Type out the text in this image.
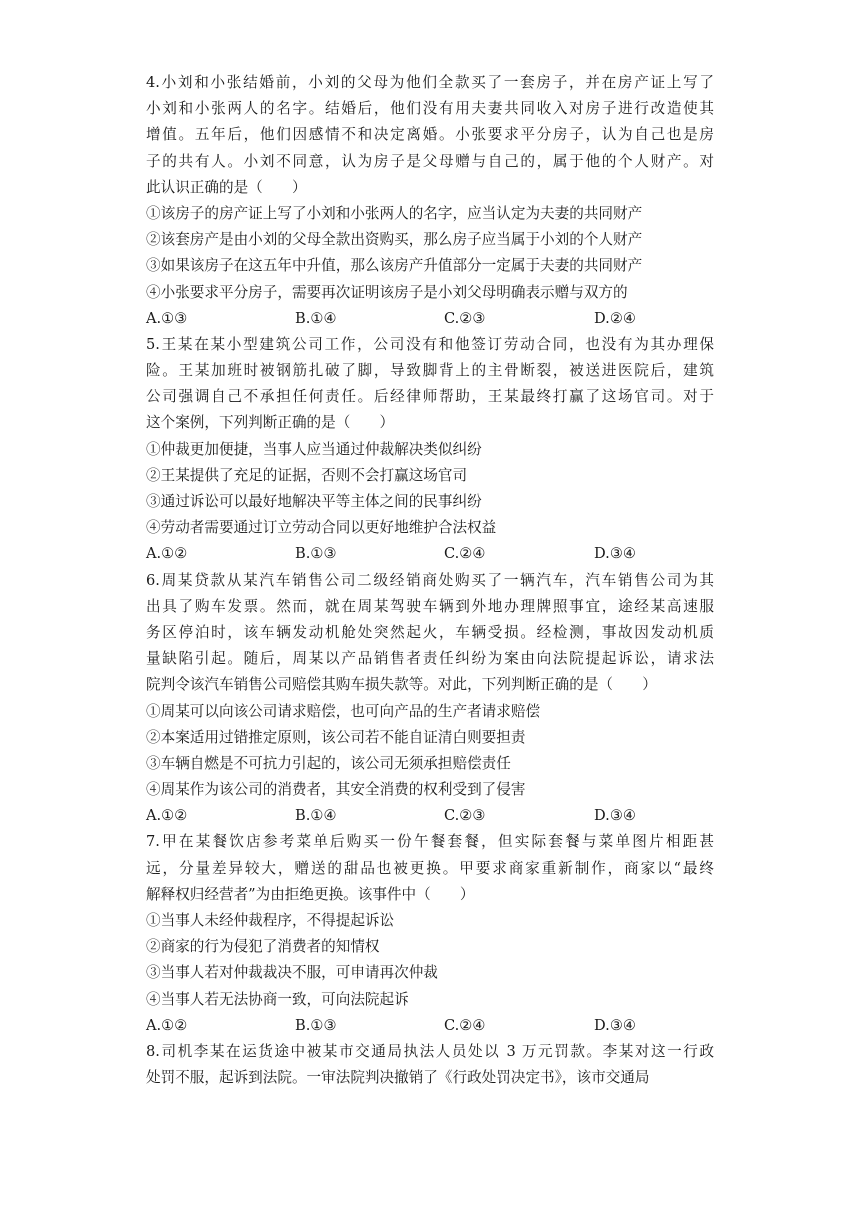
4.小刘和小张结婚前，小刘的父母为他们全款买了一套房子，并在房产证上写了
小刘和小张两人的名字。结婚后，他们没有用夫妻共同收入对房子进行改造使其
增值。五年后，他们因感情不和决定离婚。小张要求平分房子，认为自己也是房
子的共有人。小刘不同意，认为房子是父母赠与自己的，属于他的个人财产。对
此认识正确的是（　　）
①该房子的房产证上写了小刘和小张两人的名字，应当认定为夫妻的共同财产
②该套房产是由小刘的父母全款出资购买，那么房子应当属于小刘的个人财产
③如果该房子在这五年中升值，那么该房产升值部分一定属于夫妻的共同财产
④小张要求平分房子，需要再次证明该房子是小刘父母明确表示赠与双方的
A.①③	B.①④	C.②③	D.②④
5.王某在某小型建筑公司工作，公司没有和他签订劳动合同，也没有为其办理保
险。王某加班时被钢筋扎破了脚，导致脚背上的主骨断裂，被送进医院后，建筑
公司强调自己不承担任何责任。后经律师帮助，王某最终打赢了这场官司。对于
这个案例，下列判断正确的是（　　）
①仲裁更加便捷，当事人应当通过仲裁解决类似纠纷
②王某提供了充足的证据，否则不会打赢这场官司
③通过诉讼可以最好地解决平等主体之间的民事纠纷
④劳动者需要通过订立劳动合同以更好地维护合法权益
A.①②	B.①③	C.②④	D.③④
6.周某贷款从某汽车销售公司二级经销商处购买了一辆汽车，汽车销售公司为其
出具了购车发票。然而，就在周某驾驶车辆到外地办理牌照事宜，途经某高速服
务区停泊时，该车辆发动机舱处突然起火，车辆受损。经检测，事故因发动机质
量缺陷引起。随后，周某以产品销售者责任纠纷为案由向法院提起诉讼，请求法
院判令该汽车销售公司赔偿其购车损失款等。对此，下列判断正确的是（　　）
①周某可以向该公司请求赔偿，也可向产品的生产者请求赔偿
②本案适用过错推定原则，该公司若不能自证清白则要担责
③车辆自燃是不可抗力引起的，该公司无须承担赔偿责任
④周某作为该公司的消费者，其安全消费的权利受到了侵害
A.①②	B.①④	C.②③	D.③④
7.甲在某餐饮店参考菜单后购买一份午餐套餐，但实际套餐与菜单图片相距甚
远，分量差异较大，赠送的甜品也被更换。甲要求商家重新制作，商家以“最终
解释权归经营者”为由拒绝更换。该事件中（　　）
①当事人未经仲裁程序，不得提起诉讼
②商家的行为侵犯了消费者的知情权
③当事人若对仲裁裁决不服，可申请再次仲裁
④当事人若无法协商一致，可向法院起诉
A.①②	B.①③	C.②④	D.③④
8.司机李某在运货途中被某市交通局执法人员处以 3 万元罚款。李某对这一行政
处罚不服，起诉到法院。一审法院判决撤销了《行政处罚决定书》，该市交通局
